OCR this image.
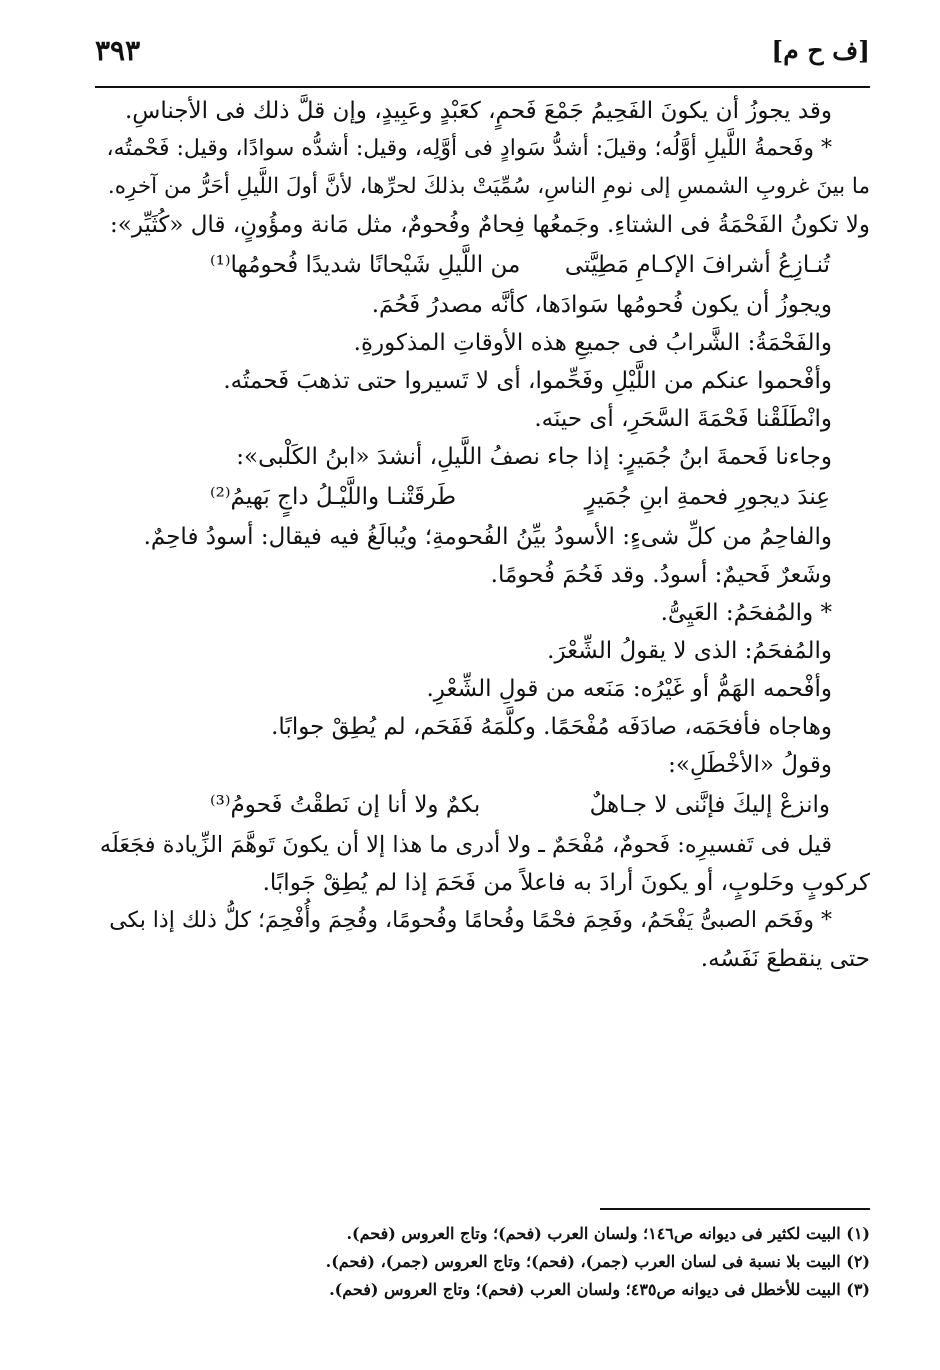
[ف ح م]
٣٩٣

وقد يجوزُ أن يكونَ الفَحِيمُ جَمْعَ فَحمٍ، كعَبْدٍ وعَبِيدٍ، وإن قلَّ ذلك فى الأجناسِ.

* وفَحمةُ اللَّيلِ أوَّلُه؛ وقيلَ: أشدُّ سَوادٍ فى أوَّلِه، وقيل: أشدُّه سوادًا، وقيل: فَحْمتُه،

ما بينَ غروبِ الشمسِ إلى نومِ الناسِ، سُمِّيَتْ بذلكَ لحرِّها، لأنَّ أولَ اللَّيلِ أحَرُّ من آخرِه.

ولا تكونُ الفَحْمَةُ فى الشتاءِ. وجَمعُها فِحامٌ وفُحومٌ، مثل مَانة ومؤُونٍ، قال «كُثَيِّر»:

تُنـازِعُ أشرافَ الإكـامِ مَطِيَّتى
من اللَّيلِ شَيْحانًا شديدًا فُحومُها⁽¹⁾

ويجوزُ أن يكون فُحومُها سَوادَها، كأنَّه مصدرُ فَحُمَ.

والفَحْمَةُ: الشَّرابُ فى جميعِ هذه الأوقاتِ المذكورةِ.

وأفْحموا عنكم من اللَّيْلِ وفَحِّموا، أى لا تَسيروا حتى تذهبَ فَحمتُه.

وانْطَلَقْنا فَحْمَةَ السَّحَرِ، أى حينَه.

وجاءنا فَحمةَ ابنُ جُمَيرٍ: إذا جاء نصفُ اللَّيلِ، أنشدَ «ابنُ الكَلْبى»:

عِندَ ديجورِ فحمةِ ابنِ جُمَيرٍ
طَرقَتْنـا واللَّيْـلُ داجٍ بَهيمُ⁽²⁾

والفاحِمُ من كلِّ شىءٍ: الأسودُ بيِّنُ الفُحومةِ؛ ويُبالَغُ فيه فيقال: أسودُ فاحِمٌ.

وشَعرٌ فَحيمٌ: أسودُ. وقد فَحُمَ فُحومًا.

* والمُفحَمُ: العَيِىُّ.

والمُفحَمُ: الذى لا يقولُ الشِّعْرَ.

وأفْحمه الهَمُّ أو غَيْرُه: مَنَعه من قولِ الشِّعْرِ.

وهاجاه فأفحَمَه، صادَفَه مُفْحَمًا. وكلَّمَهُ فَفَحَم، لم يُطِقْ جوابًا.

وقولُ «الأخْطَلِ»:

وانزعْ إليكَ فإنَّنى لا جـاهلٌ
بكمٌ ولا أنا إن نَطقْتُ فَحومُ⁽³⁾

قيل فى تَفسيرِه: فَحومٌ، مُفْحَمٌ ـ ولا أدرى ما هذا إلا أن يكونَ تَوهَّمَ الزِّيادة فجَعَلَه

كركوبٍ وحَلوبٍ، أو يكونَ أرادَ به فاعلاً من فَحَمَ إذا لم يُطِقْ جَوابًا.

* وفَحَم الصبىُّ يَفْحَمُ، وفَحِمَ فحْمًا وفُحامًا وفُحومًا، وفُحِمَ وأُفْحِمَ؛ كلُّ ذلك إذا بكى

حتى ينقطعَ نَفَسُه.

(١) البيت لكثير فى ديوانه ص١٤٦؛ ولسان العرب (فحم)؛ وتاج العروس (فحم).
(٢) البيت بلا نسبة فى لسان العرب (جمر)، (فحم)؛ وتاج العروس (جمر)، (فحم).
(٣) البيت للأخطل فى ديوانه ص٤٣٥؛ ولسان العرب (فحم)؛ وتاج العروس (فحم).
